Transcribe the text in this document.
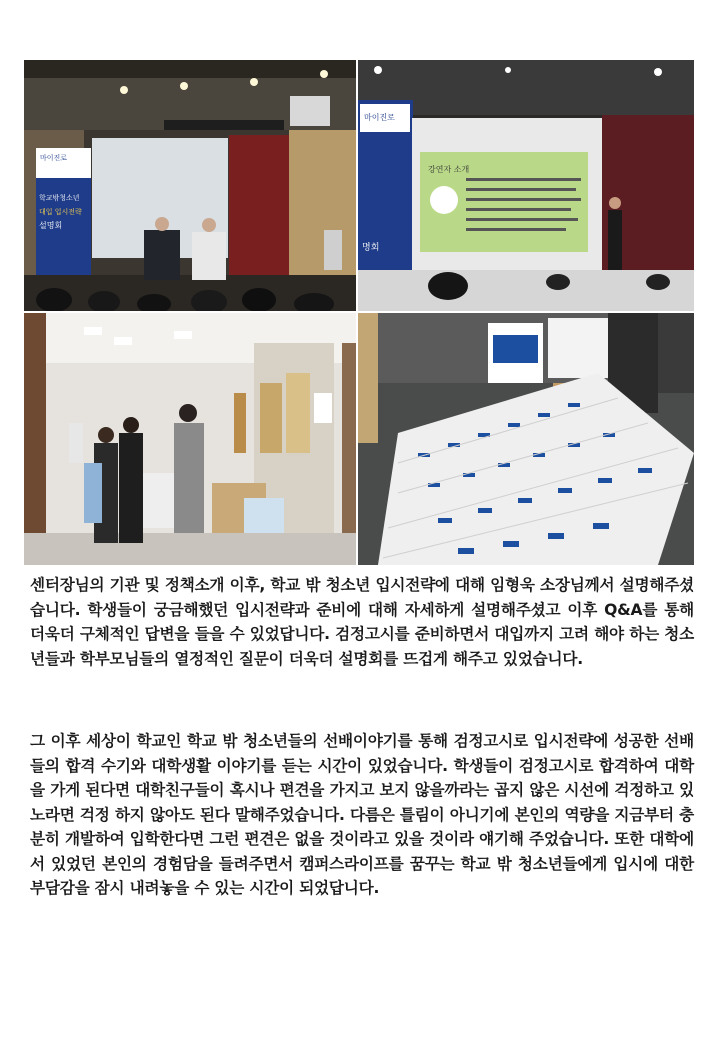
마이진로
학교밖청소년
대입 입시전략
설명회
마이진로
명회
강연자 소개

센터장님의 기관 및 정책소개 이후, 학교 밖 청소년 입시전략에 대해 임형욱 소장님께서 설명해주셨습니다. 학생들이 궁금해했던 입시전략과 준비에 대해 자세하게 설명해주셨고 이후 Q&A를 통해 더욱더 구체적인 답변을 들을 수 있었답니다. 검정고시를 준비하면서 대입까지 고려 해야 하는 청소년들과 학부모님들의 열정적인 질문이 더욱더 설명회를 뜨겁게 해주고 있었습니다.

그 이후 세상이 학교인 학교 밖 청소년들의 선배이야기를 통해 검정고시로 입시전략에 성공한 선배들의 합격 수기와 대학생활 이야기를 듣는 시간이 있었습니다. 학생들이 검정고시로 합격하여 대학을 가게 된다면 대학친구들이 혹시나 편견을 가지고 보지 않을까라는 곱지 않은 시선에 걱정하고 있노라면 걱정 하지 않아도 된다 말해주었습니다. 다름은 틀림이 아니기에 본인의 역량을 지금부터 충분히 개발하여 입학한다면 그런 편견은 없을 것이라고 있을 것이라 얘기해 주었습니다. 또한 대학에서 있었던 본인의 경험담을 들려주면서 캠퍼스라이프를 꿈꾸는 학교 밖 청소년들에게 입시에 대한 부담감을 잠시 내려놓을 수 있는 시간이 되었답니다.
